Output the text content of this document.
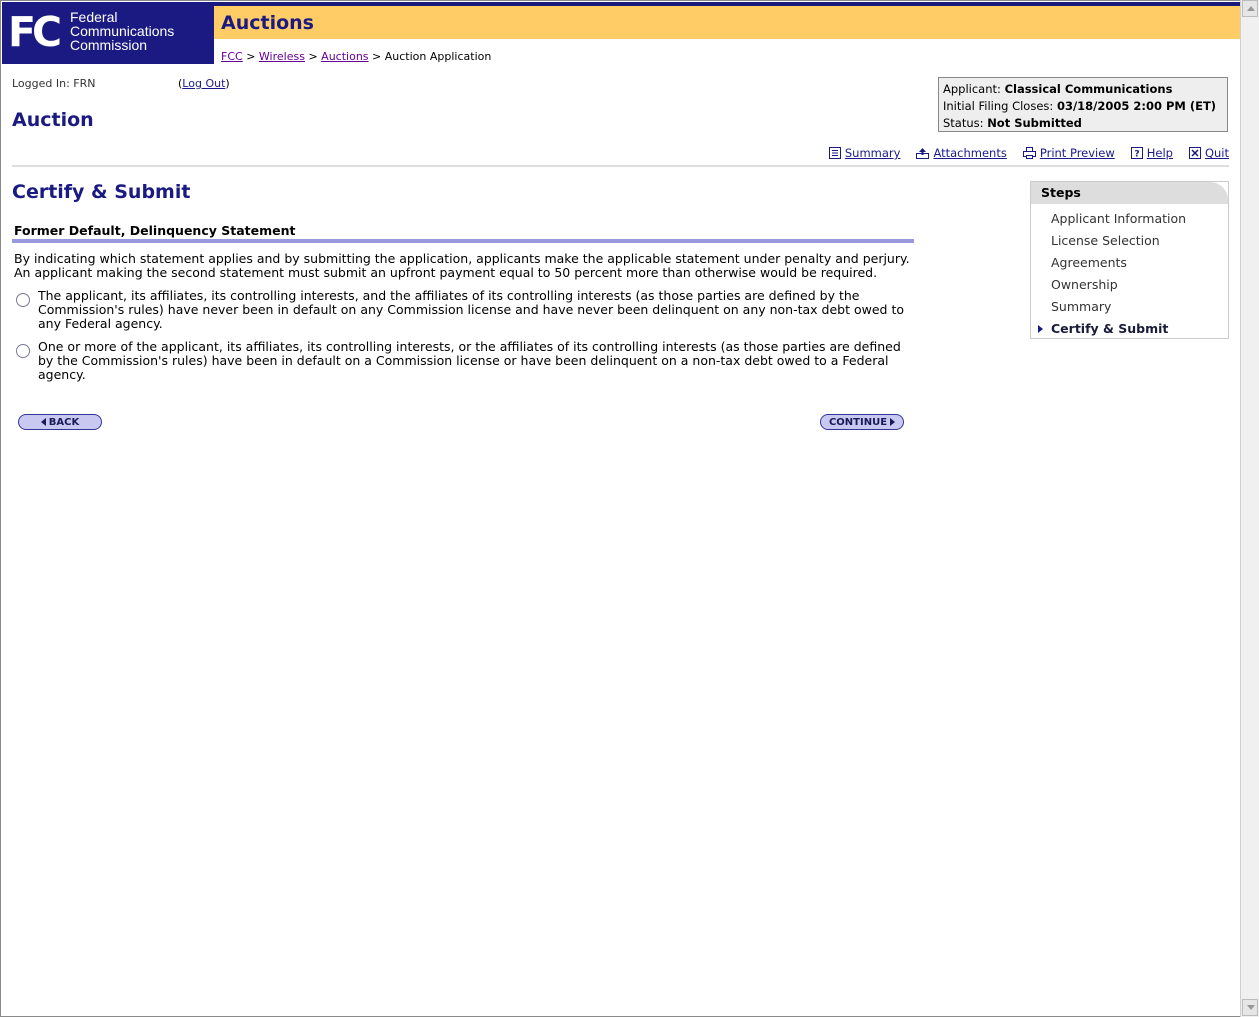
FC Federal
Communications
Commission
Auctions
FCC > Wireless > Auctions > Auction Application
Logged In: FRN	(Log Out)
Auction
Applicant: Classical Communications
Initial Filing Closes: 03/18/2005 2:00 PM (ET)
Status: Not Submitted
Summary	Attachments	Print Preview ? Help	Quit
Certify & Submit
Former Default, Delinquency Statement
By indicating which statement applies and by submitting the application, applicants make the applicable statement under penalty and perjury. An applicant making the second statement must submit an upfront payment equal to 50 percent more than otherwise would be required.
The applicant, its affiliates, its controlling interests, and the affiliates of its controlling interests (as those parties are defined by the Commission's rules) have never been in default on any Commission license and have never been delinquent on any non-tax debt owed to any Federal agency.
One or more of the applicant, its affiliates, its controlling interests, or the affiliates of its controlling interests (as those parties are defined by the Commission's rules) have been in default on a Commission license or have been delinquent on a non-tax debt owed to a Federal agency.
BACK	CONTINUE
Steps
Applicant Information
License Selection
Agreements
Ownership
Summary
Certify & Submit
